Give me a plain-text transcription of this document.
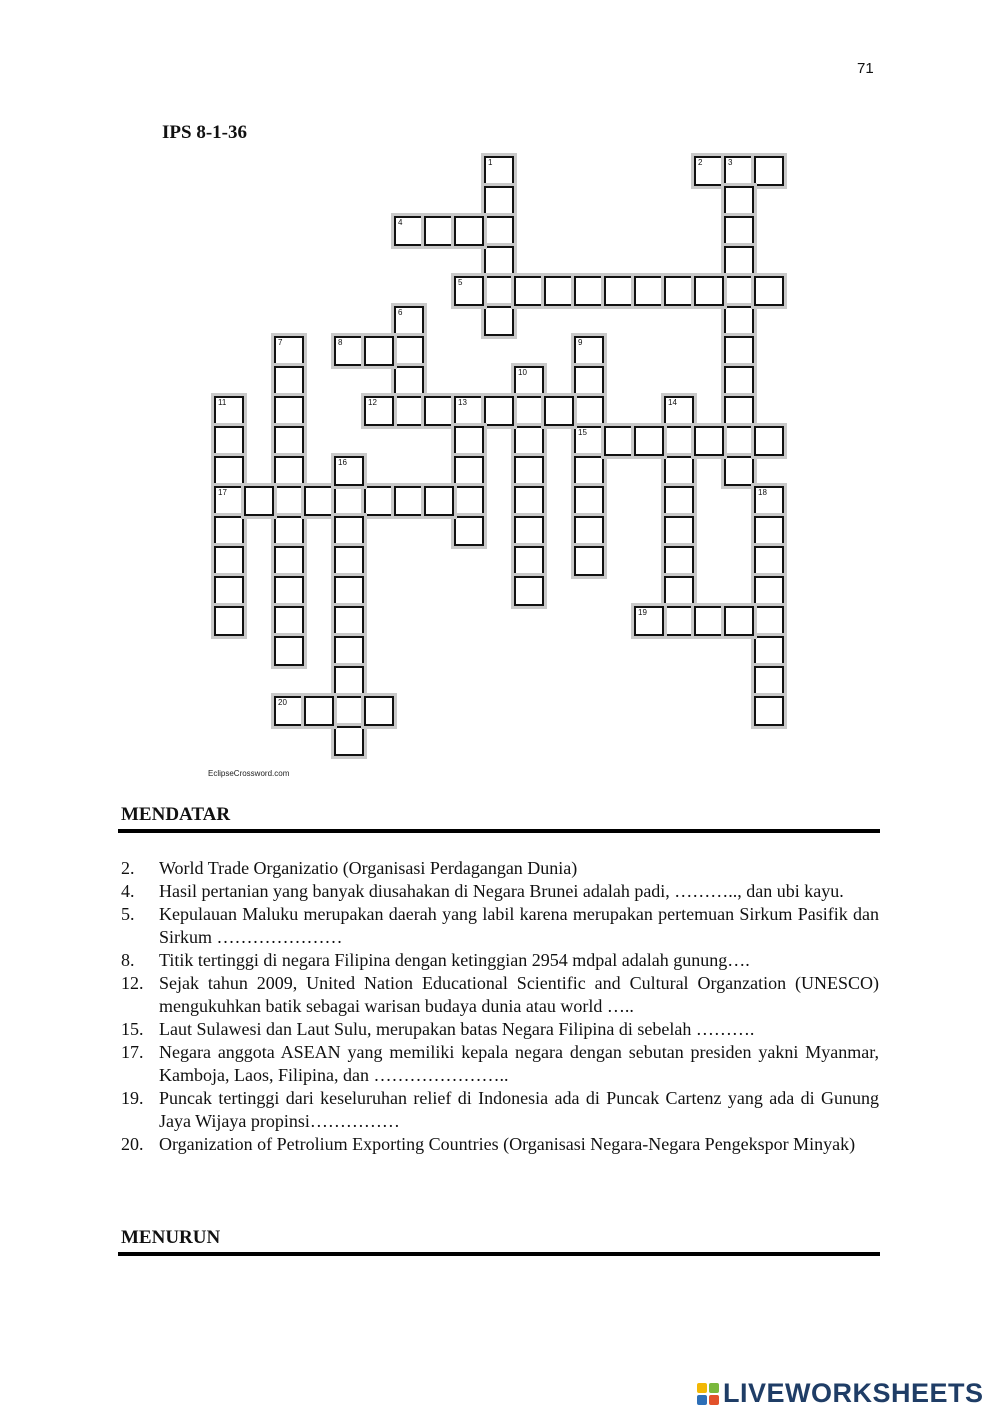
71
IPS 8-1-36
1	2	3
4
5
6
8
7	9
15
10
12	13	14
11
17
16
18
19
20
EclipseCrossword.com
MENDATAR
2. World Trade Organizatio (Organisasi Perdagangan Dunia)
4. Hasil pertanian yang banyak diusahakan di Negara Brunei adalah padi, ……….., dan ubi kayu.
5. Kepulauan Maluku merupakan daerah yang labil karena merupakan pertemuan Sirkum Pasifik dan Sirkum …………………
8. Titik tertinggi di negara Filipina dengan ketinggian 2954 mdpal adalah gunung….
12. Sejak tahun 2009, United Nation Educational Scientific and Cultural Organzation (UNESCO) mengukuhkan batik sebagai warisan budaya dunia atau world …..
15. Laut Sulawesi dan Laut Sulu, merupakan batas Negara Filipina di sebelah ……….
17. Negara anggota ASEAN yang memiliki kepala negara dengan sebutan presiden yakni Myanmar, Kamboja, Laos, Filipina, dan …………………..
19. Puncak tertinggi dari keseluruhan relief di Indonesia ada di Puncak Cartenz yang ada di Gunung Jaya Wijaya propinsi……………
20. Organization of Petrolium Exporting Countries (Organisasi Negara-Negara Pengekspor Minyak)
MENURUN
LIVEWORKSHEETS
